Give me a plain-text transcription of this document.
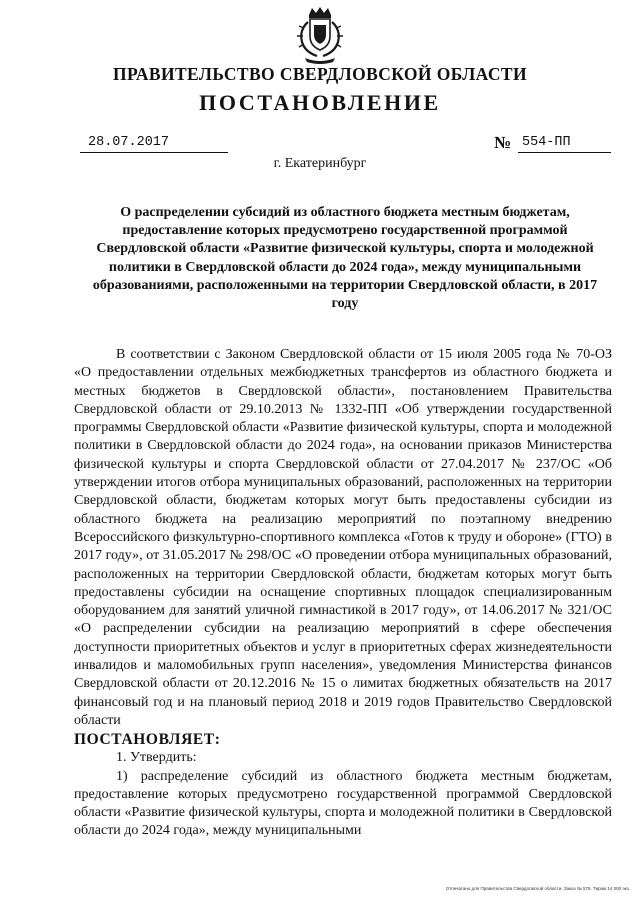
ПРАВИТЕЛЬСТВО СВЕРДЛОВСКОЙ ОБЛАСТИ
ПОСТАНОВЛЕНИЕ
28.07.2017	№ 554-ПП
г. Екатеринбург
О распределении субсидий из областного бюджета местным бюджетам, предоставление которых предусмотрено государственной программой Свердловской области «Развитие физической культуры, спорта и молодежной политики в Свердловской области до 2024 года», между муниципальными образованиями, расположенными на территории Свердловской области, в 2017 году

В соответствии с Законом Свердловской области от 15 июля 2005 года № 70-ОЗ «О предоставлении отдельных межбюджетных трансфертов из областного бюджета и местных бюджетов в Свердловской области», постановлением Правительства Свердловской области от 29.10.2013 № 1332-ПП «Об утверждении государственной программы Свердловской области «Развитие физической культуры, спорта и молодежной политики в Свердловской области до 2024 года», на основании приказов Министерства физической культуры и спорта Свердловской области от 27.04.2017 № 237/ОС «Об утверждении итогов отбора муниципальных образований, расположенных на территории Свердловской области, бюджетам которых могут быть предоставлены субсидии из областного бюджета на реализацию мероприятий по поэтапному внедрению Всероссийского физкультурно-спортивного комплекса «Готов к труду и обороне» (ГТО) в 2017 году», от 31.05.2017 № 298/ОС «О проведении отбора муниципальных образований, расположенных на территории Свердловской области, бюджетам которых могут быть предоставлены субсидии на оснащение спортивных площадок специализированным оборудованием для занятий уличной гимнастикой в 2017 году», от 14.06.2017 № 321/ОС «О распределении субсидии на реализацию мероприятий в сфере обеспечения доступности приоритетных объектов и услуг в приоритетных сферах жизнедеятельности инвалидов и маломобильных групп населения», уведомления Министерства финансов Свердловской области от 20.12.2016 № 15 о лимитах бюджетных обязательств на 2017 финансовый год и на плановый период 2018 и 2019 годов Правительство Свердловской области

ПОСТАНОВЛЯЕТ:

1. Утвердить:

1) распределение субсидий из областного бюджета местным бюджетам, предоставление которых предусмотрено государственной программой Свердловской области «Развитие физической культуры, спорта и молодежной политики в Свердловской области до 2024 года», между муниципальными

Отпечатано для Правительства Свердловской области. Заказ № 576. Тираж 14 000 экз.
